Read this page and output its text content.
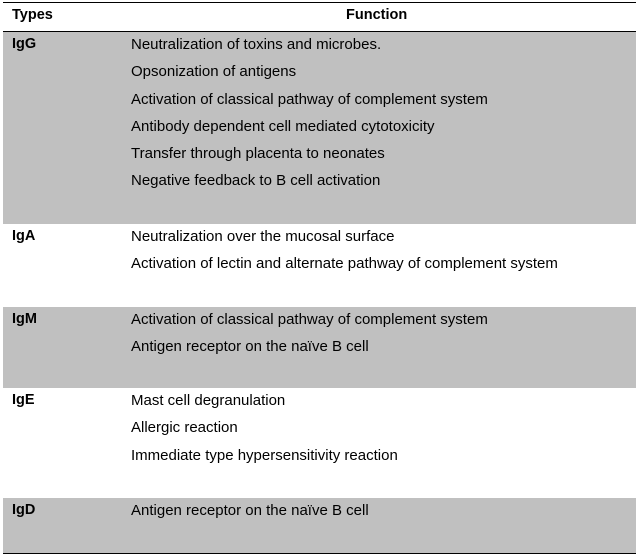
Types	Function
IgG	Neutralization of toxins and microbes.
Opsonization of antigens
Activation of classical pathway of complement system
Antibody dependent cell mediated cytotoxicity
Transfer through placenta to neonates
Negative feedback to B cell activation
IgA	Neutralization over the mucosal surface
Activation of lectin and alternate pathway of complement system
IgM	Activation of classical pathway of complement system
Antigen receptor on the naïve B cell
IgE	Mast cell degranulation
Allergic reaction
Immediate type hypersensitivity reaction
IgD	Antigen receptor on the naïve B cell
